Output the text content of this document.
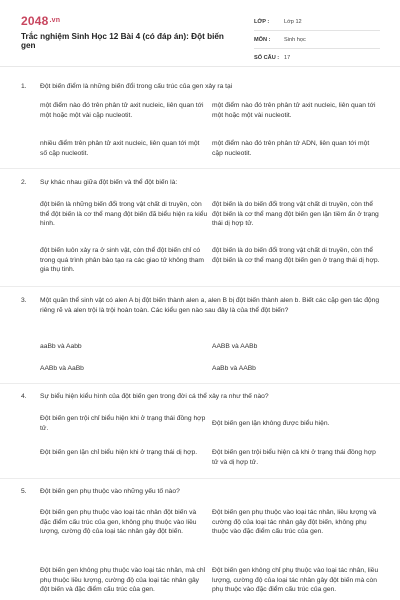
$2048^{.vn}$
Trắc nghiệm Sinh Học 12 Bài 4 (có đáp án): Đột biến gen
LỚP :	Lớp 12
MÔN : Sinh học
SỐ CÂU : 17
1. Đột biến điểm là những biến đổi trong cấu trúc của gen xảy ra tại
một điểm nào đó trên phân tử axit nucleic, liên quan tới một hoặc một vài cặp nucleotit.
một điểm nào đó trên phân tử axit nucleic, liên quan tới một hoặc một vài nucleotit.
nhiều điểm trên phân tử axit nucleic, liên quan tới một số cặp nucleotit.
một điểm nào đó trên phân tử ADN, liên quan tới một cặp nucleotit.
2. Sự khác nhau giữa đột biến và thể đột biến là:
đột biến là những biến đổi trong vật chất di truyền, còn thể đột biến là cơ thể mang đột biến đã biểu hiện ra kiểu hình.
đột biến là do biến đổi trong vật chất di truyền, còn thể đột biến là cơ thể mang đột biến gen lặn tiềm ẩn ở trạng thái dị hợp tử.
đột biến luôn xảy ra ở sinh vật, còn thể đột biến chỉ có trong quá trình phân bào tạo ra các giao tử không tham gia thụ tinh.
đột biến là do biến đổi trong vật chất di truyền, còn thể đột biến là cơ thể mang đột biến gen ở trạng thái dị hợp.
3. Một quần thể sinh vật có alen A bị đột biến thành alen a, alen B bị đột biến thành alen b. Biết các cặp gen tác động riêng rẽ và alen trội là trội hoàn toàn. Các kiểu gen nào sau đây là của thể đột biến?
aaBb và Aabb	AABB và AABb
AABb và AaBb	AaBb và AABb
4. Sự biểu hiện kiểu hình của đột biến gen trong đời cá thể xảy ra như thế nào?
Đột biến gen trội chỉ biểu hiện khi ở trạng thái đồng hợp tử.
Đột biến gen lặn không được biểu hiện.
Đột biến gen lặn chỉ biểu hiện khi ở trạng thái dị hợp.	Đột biến gen trội biểu hiện cả khi ở trạng thái đồng hợp tử và dị hợp tử.
5. Đột biến gen phụ thuộc vào những yếu tố nào?
Đột biến gen phụ thuộc vào loại tác nhân đột biến và đặc điểm cấu trúc của gen, không phụ thuộc vào liều lượng, cường độ của loại tác nhân gây đột biến.
Đột biến gen phụ thuộc vào loại tác nhân, liều lượng và cường độ của loại tác nhân gây đột biến, không phụ thuộc vào đặc điểm cấu trúc của gen.
Đột biến gen không phụ thuộc vào loại tác nhân, mà chỉ phụ thuộc liều lượng, cường độ của loại tác nhân gây đột biến và đặc điểm cấu trúc của gen.
Đột biến gen không chỉ phụ thuộc vào loại tác nhân, liều lượng, cường độ của loại tác nhân gây đột biến mà còn phụ thuộc vào đặc điểm cấu trúc của gen.
